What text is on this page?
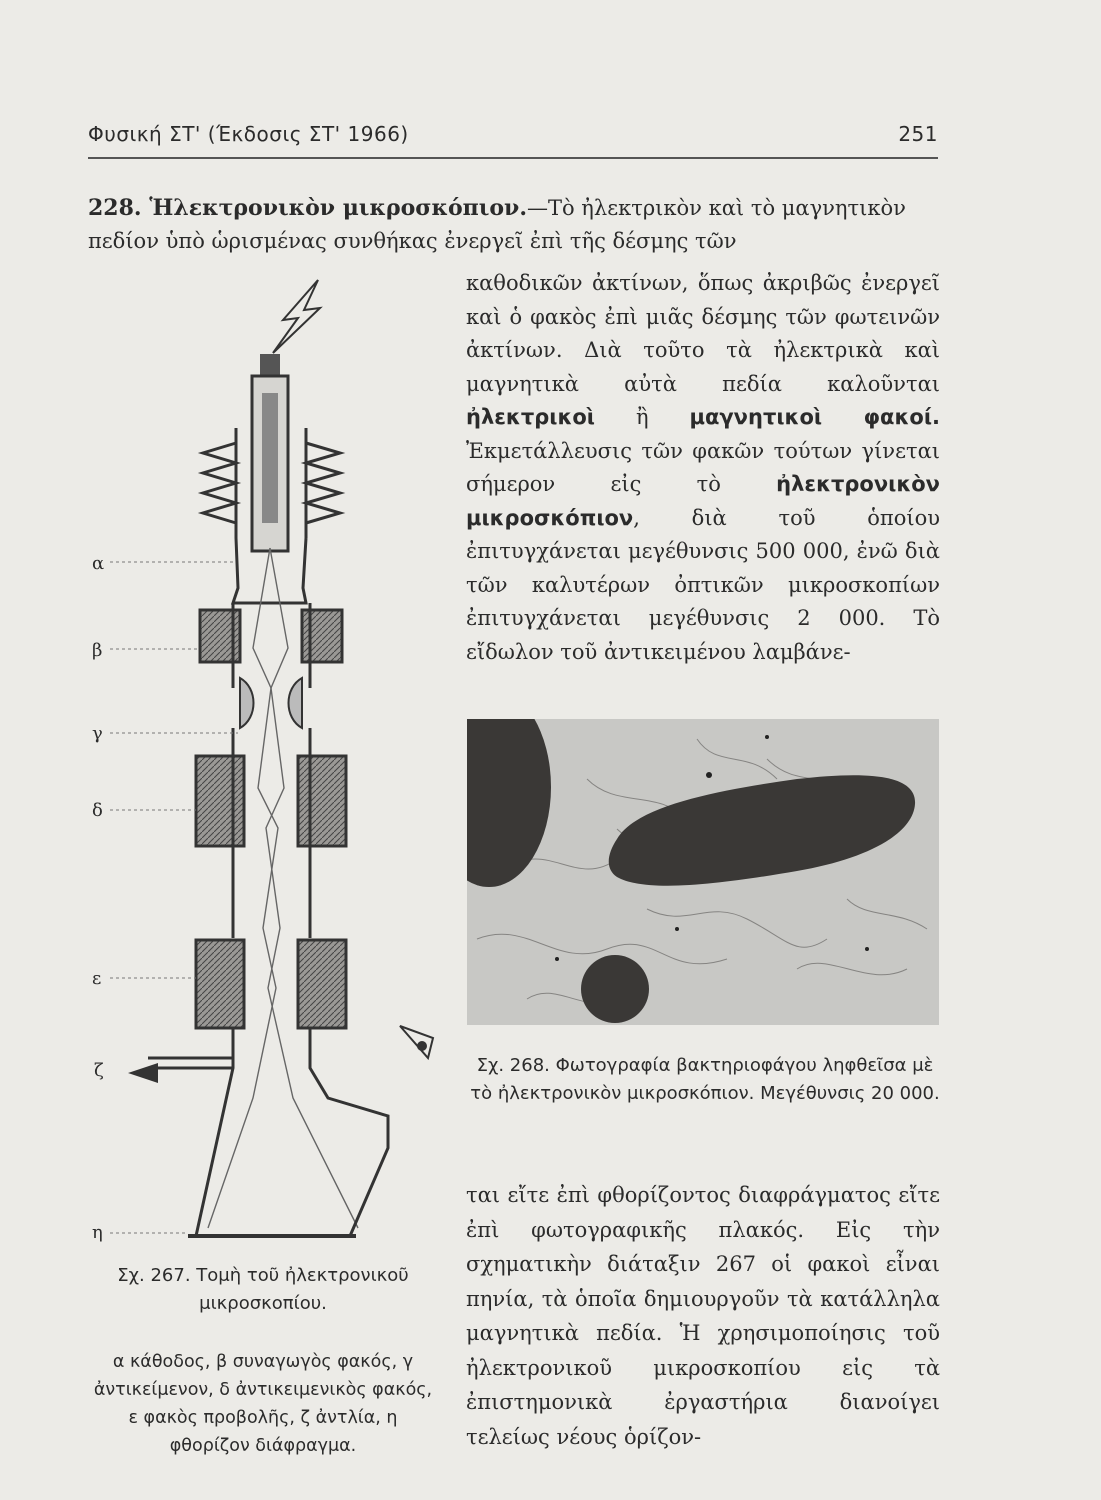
Φυσική ΣΤ' (Έκδοσις ΣΤ' 1966)	251
228. Ἡλεκτρονικὸν μικροσκόπιον.—Τὸ ἠλεκτρικὸν καὶ τὸ μαγνητικὸν πεδίον ὑπὸ ὡρισμένας συνθήκας ἐνεργεῖ ἐπὶ τῆς δέσμης τῶν
καθοδικῶν ἀκτίνων, ὅπως ἀκριβῶς ἐνεργεῖ καὶ ὁ φακὸς ἐπὶ μιᾶς δέσμης τῶν φωτεινῶν ἀκτίνων. Διὰ τοῦτο τὰ ἠλεκτρικὰ καὶ μαγνητικὰ αὐτὰ πεδία καλοῦνται ἠλεκτρικοὶ ἢ μαγνητικοὶ φακοί. Ἐκμετάλλευσις τῶν φακῶν τούτων γίνεται σήμερον εἰς τὸ	ἠλεκτρονικὸν μικροσκόπιον, διὰ τοῦ ὁποίου ἐπιτυγχάνεται μεγέθυνσις 500 000, ἐνῶ διὰ τῶν καλυτέρων ὀπτικῶν μικροσκοπίων ἐπιτυγχάνεται μεγέθυνσις 2 000. Τὸ εἴδωλον τοῦ ἀντικειμένου λαμβάνε-
Σχ. 268. Φωτογραφία βακτηριοφάγου ληφθεῖσα μὲ τὸ ἠλεκτρονικὸν μικροσκόπιον. Μεγέθυνσις 20 000.
ται εἴτε ἐπὶ φθορίζοντος διαφράγματος εἴτε ἐπὶ φωτογραφικῆς πλακός. Εἰς τὴν σχηματικὴν διάταξιν 267 οἱ φακοὶ εἶναι πηνία, τὰ ὁποῖα δημιουργοῦν τὰ κατάλληλα μαγνητικὰ πεδία. Ἡ χρησιμοποίησις τοῦ ἠλεκτρονικοῦ μικροσκοπίου εἰς τὰ ἐπιστημονικὰ ἐργαστήρια διανοίγει τελείως νέους ὁρίζον-
α
β
γ
δ
ε
ζ
η
Σχ. 267. Τομὴ τοῦ ἠλεκτρονικοῦ μικροσκοπίου.
α κάθοδος, β συναγωγὸς φακός, γ ἀντικείμενον, δ ἀντικειμενικὸς φακός, ε φακὸς προβολῆς, ζ ἀντλία, η φθορίζον διάφραγμα.
